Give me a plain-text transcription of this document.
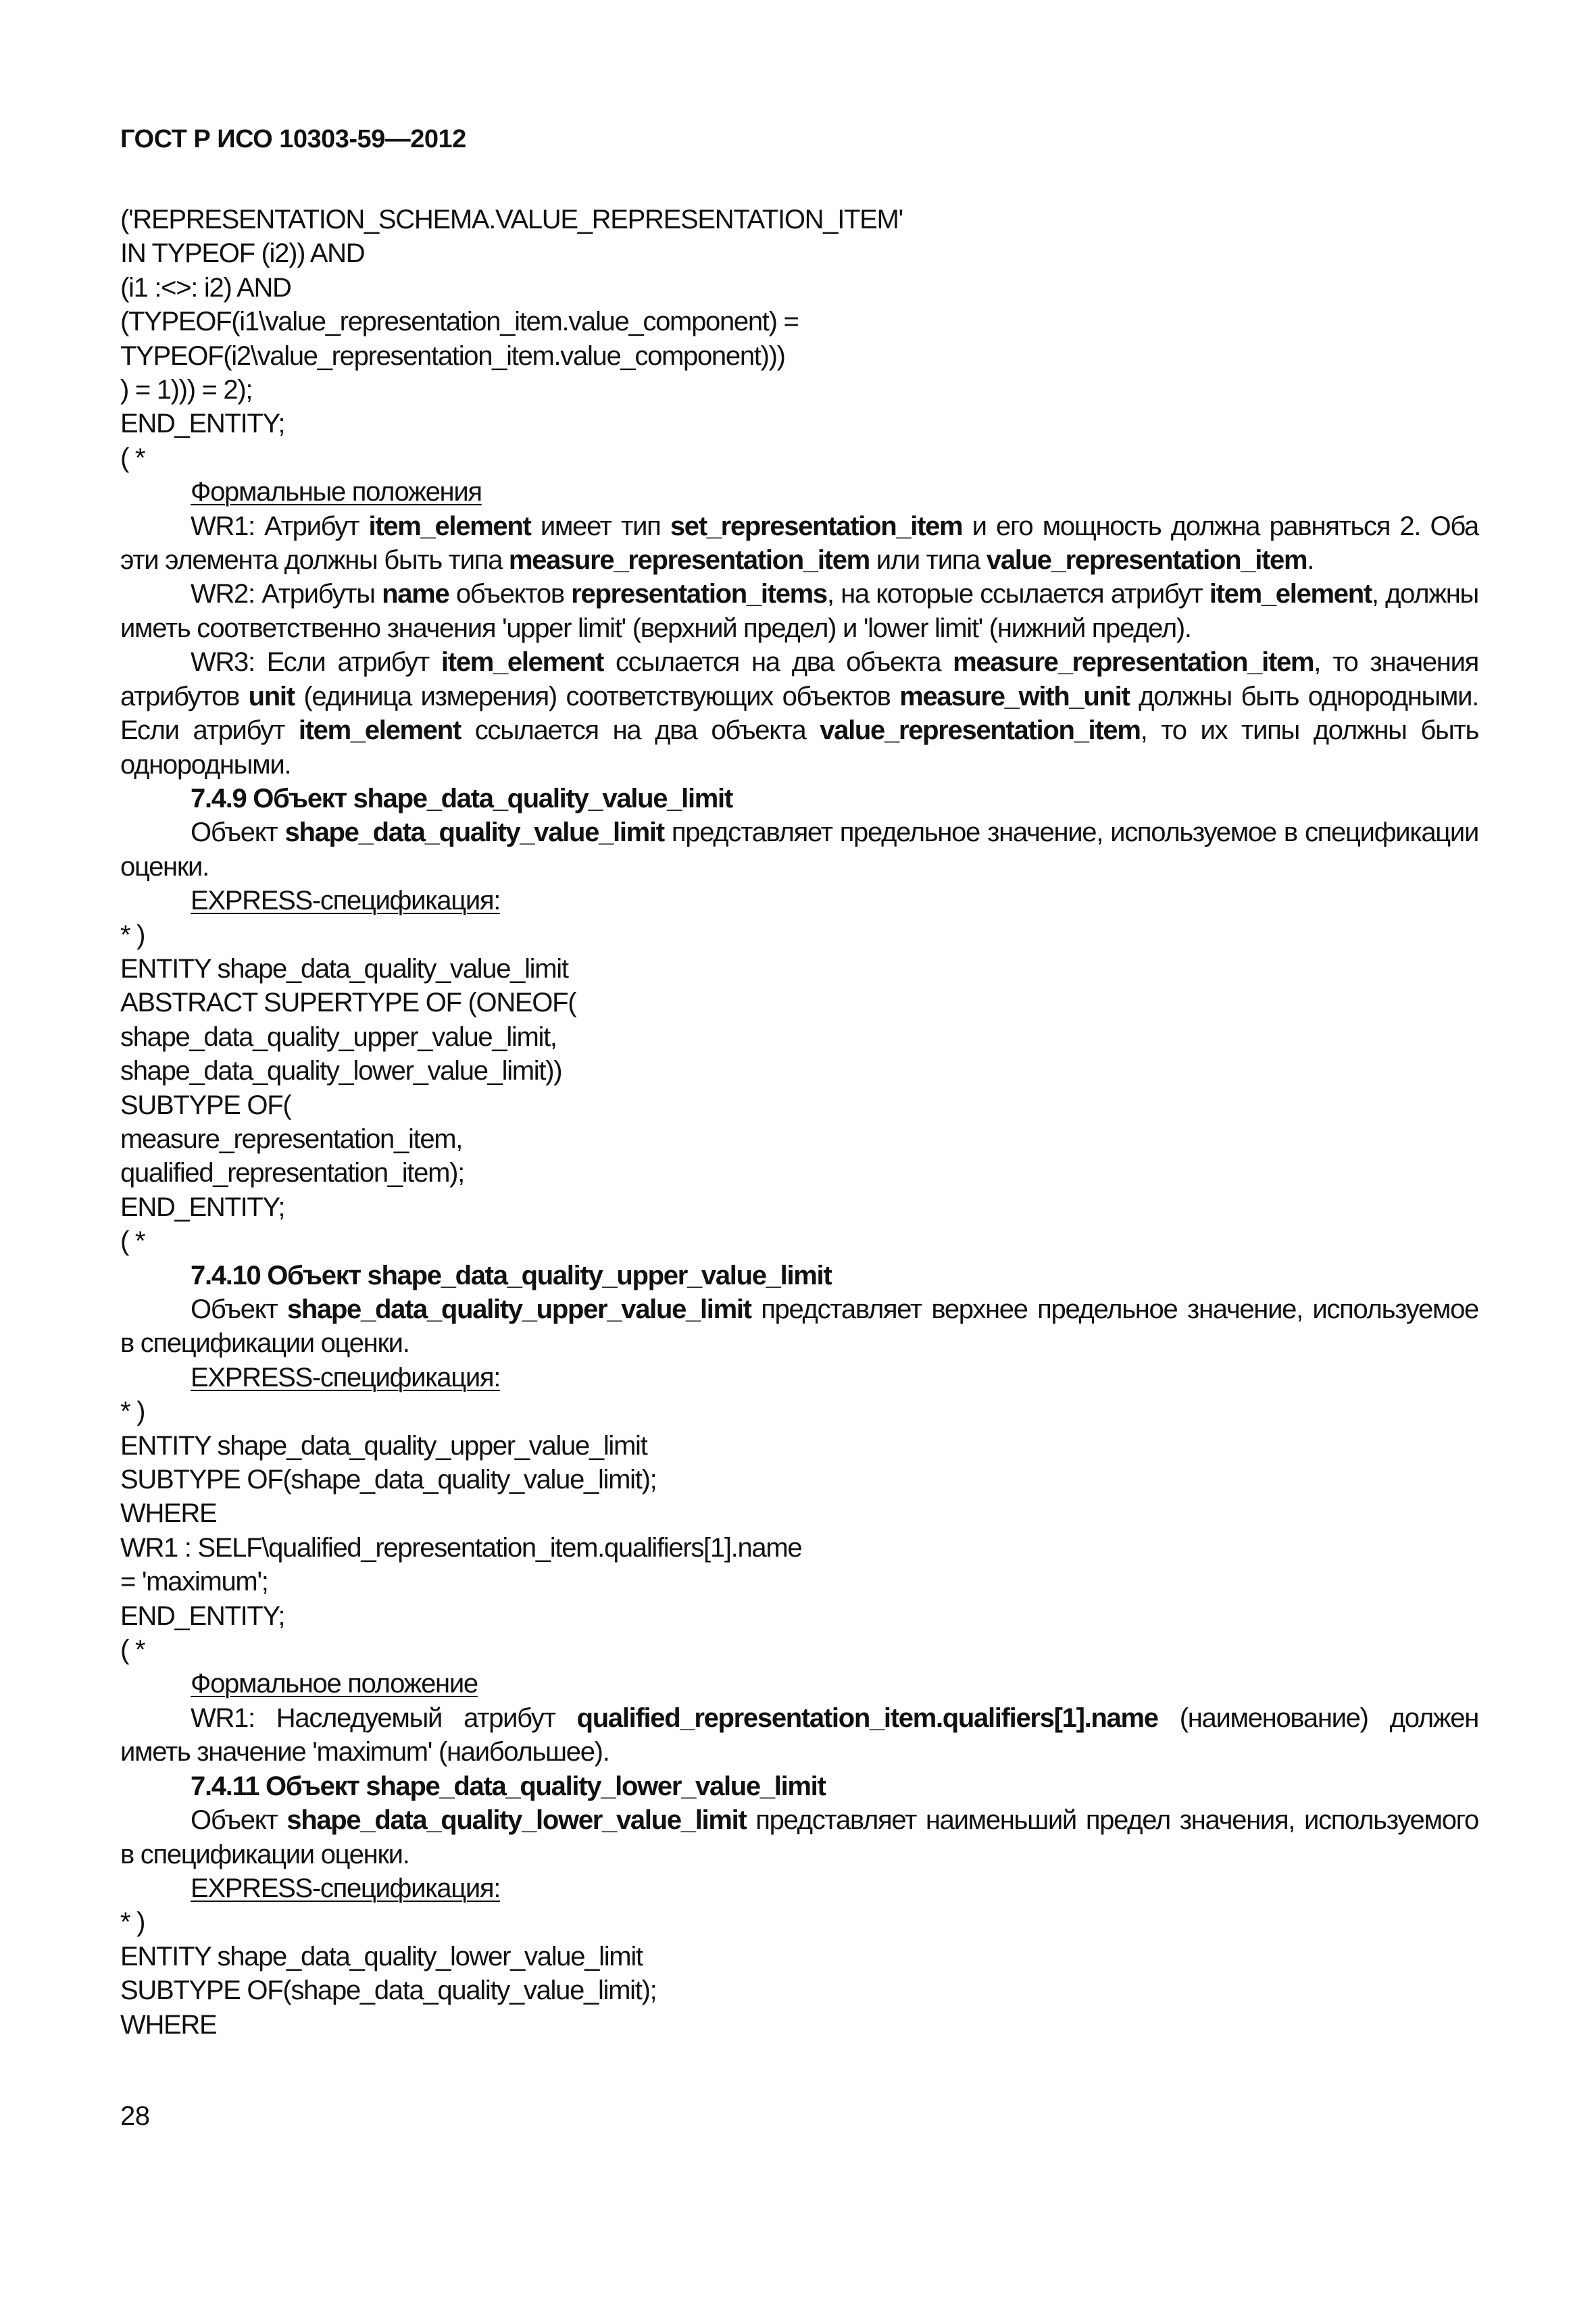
ГОСТ Р ИСО 10303-59—2012
('REPRESENTATION_SCHEMA.VALUE_REPRESENTATION_ITEM'
IN TYPEOF (i2)) AND
(i1 :<>: i2) AND
(TYPEOF(i1\value_representation_item.value_component) =
TYPEOF(i2\value_representation_item.value_component)))
) = 1))) = 2);
END_ENTITY;
( *
Формальные положения

WR1: Атрибут item_element имеет тип set_representation_item и его мощность должна равняться 2. Оба эти элемента должны быть типа measure_representation_item или типа value_representation_item.

WR2: Атрибуты name объектов representation_items, на которые ссылается атрибут item_element, должны иметь соответственно значения 'upper limit' (верхний предел) и 'lower limit' (нижний предел).

WR3: Если атрибут item_element ссылается на два объекта measure_representation_item, то значения атрибутов unit (единица измерения) соответствующих объектов measure_with_unit должны быть однородными. Если атрибут item_element ссылается на два объекта value_representation_item, то их типы должны быть однородными.

7.4.9 Объект shape_data_quality_value_limit

Объект shape_data_quality_value_limit представляет предельное значение, используемое в спецификации оценки.

EXPRESS-спецификация:
* )
ENTITY shape_data_quality_value_limit
ABSTRACT SUPERTYPE OF (ONEOF(
shape_data_quality_upper_value_limit,
shape_data_quality_lower_value_limit))
SUBTYPE OF(
measure_representation_item,
qualified_representation_item);
END_ENTITY;
( *
7.4.10 Объект shape_data_quality_upper_value_limit

Объект shape_data_quality_upper_value_limit представляет верхнее предельное значение, используемое в спецификации оценки.

EXPRESS-спецификация:
* )
ENTITY shape_data_quality_upper_value_limit
SUBTYPE OF(shape_data_quality_value_limit);
WHERE
WR1 : SELF\qualified_representation_item.qualifiers[1].name
= 'maximum';
END_ENTITY;
( *
Формальное положение

WR1: Наследуемый атрибут qualified_representation_item.qualifiers[1].name (наименование) должен иметь значение 'maximum' (наибольшее).

7.4.11 Объект shape_data_quality_lower_value_limit

Объект shape_data_quality_lower_value_limit представляет наименьший предел значения, используемого в спецификации оценки.

EXPRESS-спецификация:
* )
ENTITY shape_data_quality_lower_value_limit
SUBTYPE OF(shape_data_quality_value_limit);
WHERE
28
